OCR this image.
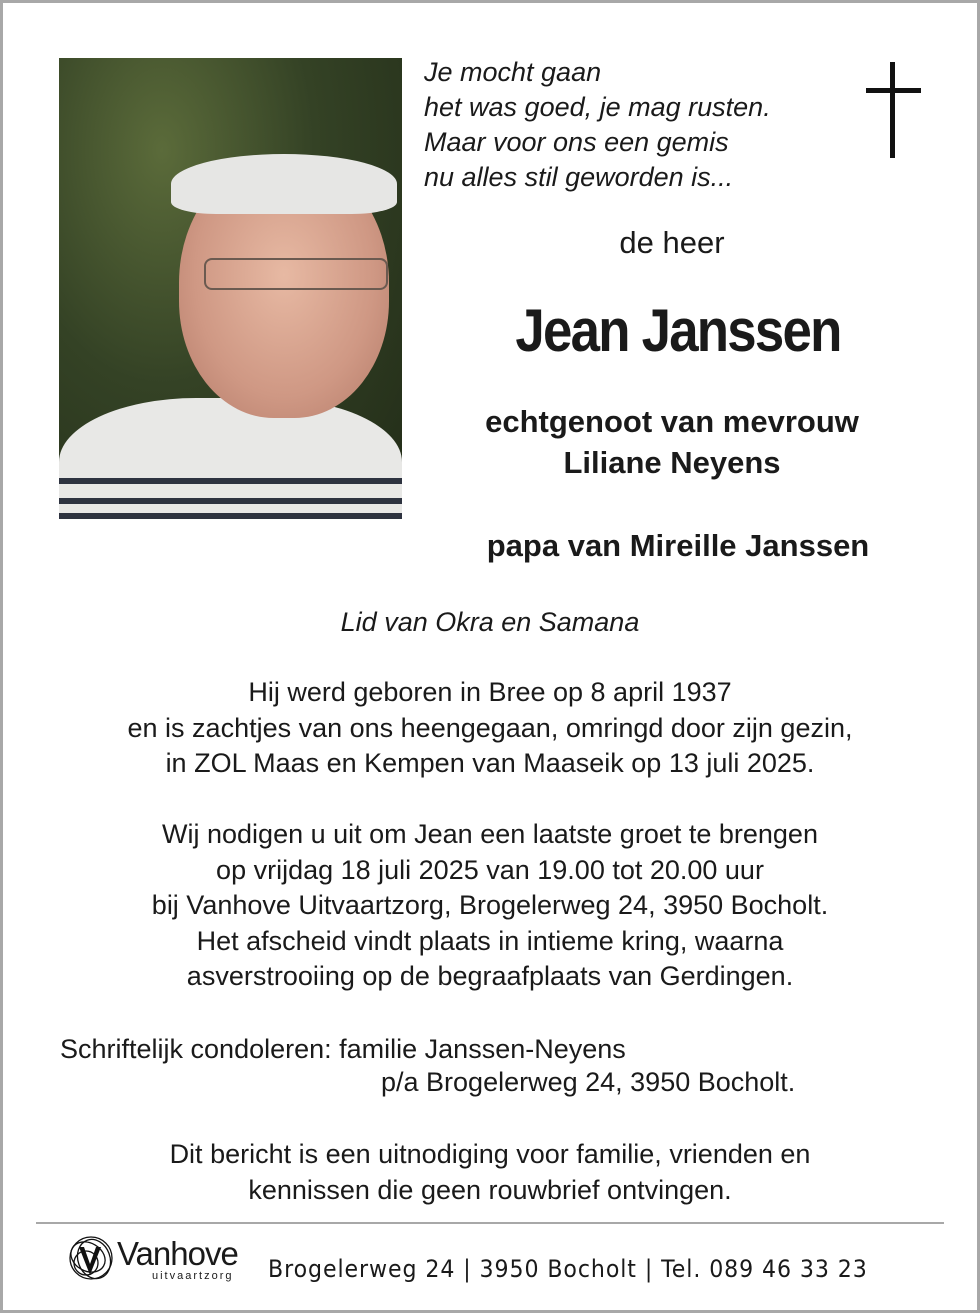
Je mocht gaan
het was goed, je mag rusten.
Maar voor ons een gemis
nu alles stil geworden is...
de heer
Jean Janssen
echtgenoot van mevrouw
Liliane Neyens
papa van Mireille Janssen
Lid van Okra en Samana
Hij werd geboren in Bree op 8 april 1937
en is zachtjes van ons heengegaan, omringd door zijn gezin,
in ZOL Maas en Kempen van Maaseik op 13 juli 2025.
Wij nodigen u uit om Jean een laatste groet te brengen
op vrijdag 18 juli 2025 van 19.00 tot 20.00 uur
bij Vanhove Uitvaartzorg, Brogelerweg 24, 3950 Bocholt.
Het afscheid vindt plaats in intieme kring, waarna
asverstrooiing op de begraafplaats van Gerdingen.
Schriftelijk condoleren: familie Janssen-Neyens
p/a Brogelerweg 24, 3950 Bocholt.
Dit bericht is een uitnodiging voor familie, vrienden en
kennissen die geen rouwbrief ontvingen.
Vanhove
uitvaartzorg Brogelerweg 24 | 3950 Bocholt | Tel. 089 46 33 23
